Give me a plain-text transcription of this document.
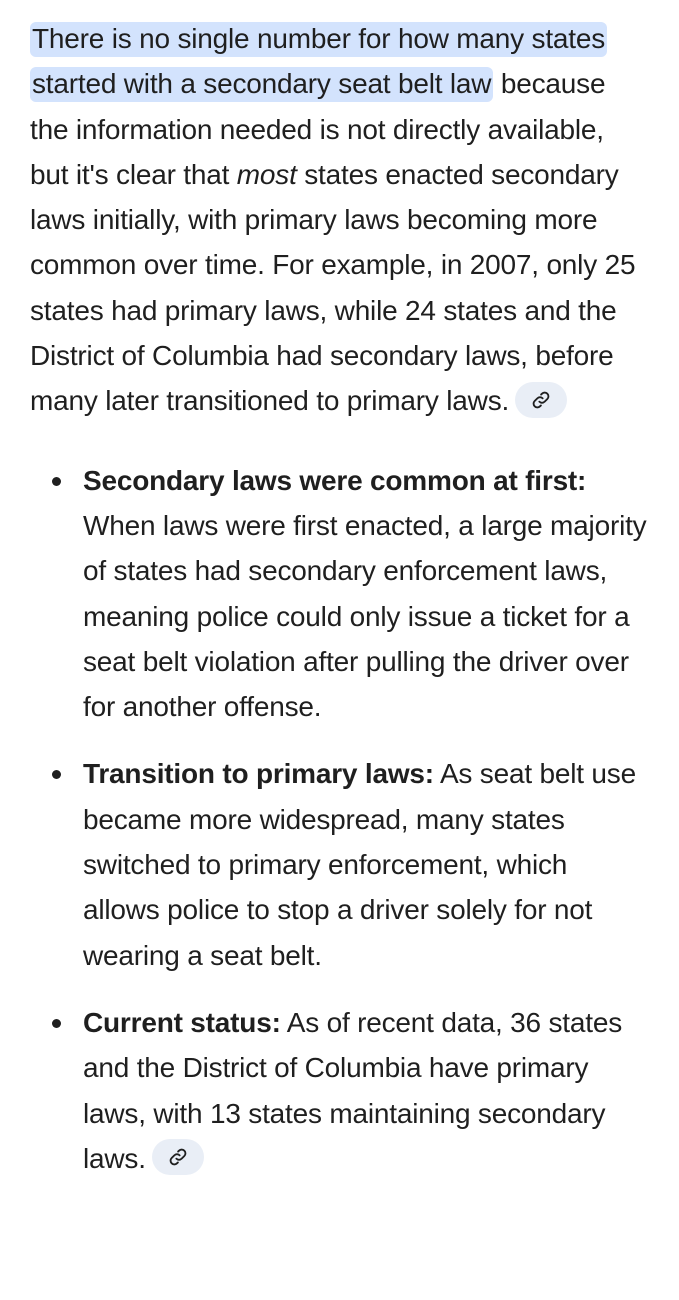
There is no single number for how many states started with a secondary seat belt law because the information needed is not directly available, but it's clear that most states enacted secondary laws initially, with primary laws becoming more common over time. For example, in 2007, only 25 states had primary laws, while 24 states and the District of Columbia had secondary laws, before many later transitioned to primary laws.

Secondary laws were common at first: When laws were first enacted, a large majority of states had secondary enforcement laws, meaning police could only issue a ticket for a seat belt violation after pulling the driver over for another offense.
Transition to primary laws: As seat belt use became more widespread, many states switched to primary enforcement, which allows police to stop a driver solely for not wearing a seat belt.
Current status: As of recent data, 36 states and the District of Columbia have primary laws, with 13 states maintaining secondary laws.
